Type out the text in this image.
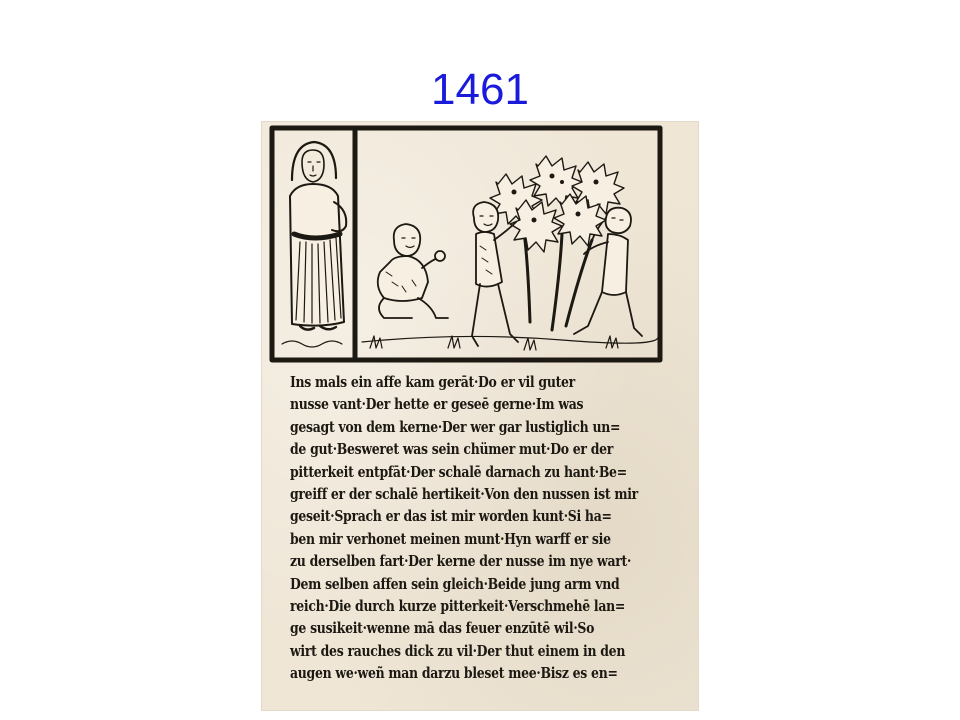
1461
Ins mals ein affe kam gerāt·Do er vil guter
nusse vant·Der hette er geseē gerne·Im was
gesagt von dem kerne·Der wer gar lustiglich un=
de gut·Besweret was sein chümer mut·Do er der
pitterkeit entpfāt·Der schalē darnach zu hant·Be=
greiff er der schalē hertikeit·Von den nussen ist mir
geseit·Sprach er das ist mir worden kunt·Si ha=
ben mir verhonet meinen munt·Hyn warff er sie
zu derselben fart·Der kerne der nusse im nye wart·
Dem selben affen sein gleich·Beide jung arm vnd
reich·Die durch kurze pitterkeit·Verschmehē lan=
ge susikeit·wenne mā das feuer enzūtē wil·So
wirt des rauches dick zu vil·Der thut einem in den
augen we·weñ man darzu bleset mee·Bisz es en=
